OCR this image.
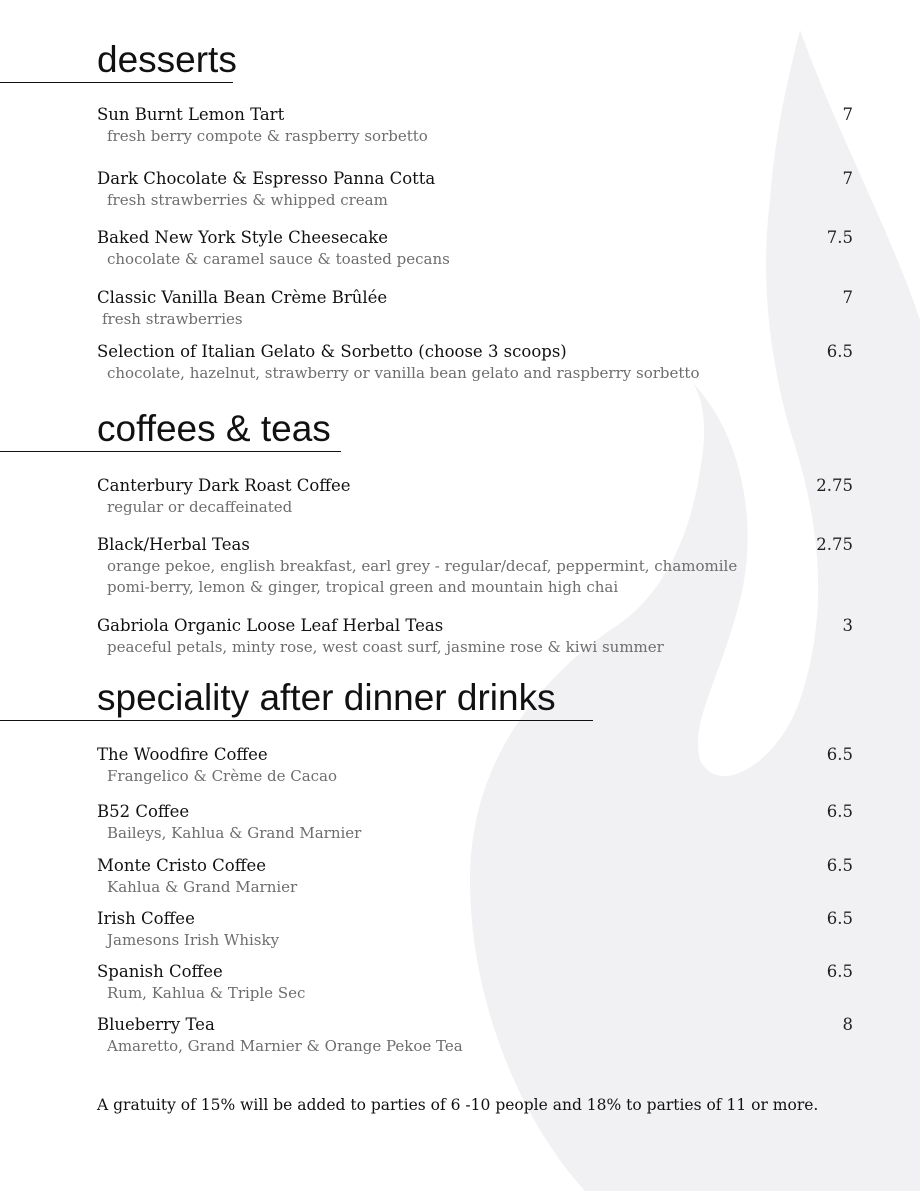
desserts
Sun Burnt Lemon Tart
fresh berry compote & raspberry sorbetto
7
Dark Chocolate & Espresso Panna Cotta
fresh strawberries & whipped cream
7
Baked New York Style Cheesecake
chocolate & caramel sauce & toasted pecans
7.5
Classic Vanilla Bean Crème Brûlée
fresh strawberries
7
Selection of Italian Gelato & Sorbetto (choose 3 scoops)
chocolate, hazelnut, strawberry or vanilla bean gelato and raspberry sorbetto
6.5
coffees & teas
Canterbury Dark Roast Coffee
regular or decaffeinated
2.75
Black/Herbal Teas
orange pekoe, english breakfast, earl grey - regular/decaf, peppermint, chamomile
pomi-berry, lemon & ginger, tropical green and mountain high chai
2.75
Gabriola Organic Loose Leaf Herbal Teas
peaceful petals, minty rose, west coast surf, jasmine rose & kiwi summer
3
speciality after dinner drinks
The Woodfire Coffee
Frangelico & Crème de Cacao
6.5
B52 Coffee
Baileys, Kahlua & Grand Marnier
6.5
Monte Cristo Coffee
Kahlua & Grand Marnier
6.5
Irish Coffee
Jamesons Irish Whisky
6.5
Spanish Coffee
Rum, Kahlua & Triple Sec
6.5
Blueberry Tea
Amaretto, Grand Marnier & Orange Pekoe Tea
8
A gratuity of 15% will be added to parties of 6 -10 people and 18% to parties of 11 or more.
